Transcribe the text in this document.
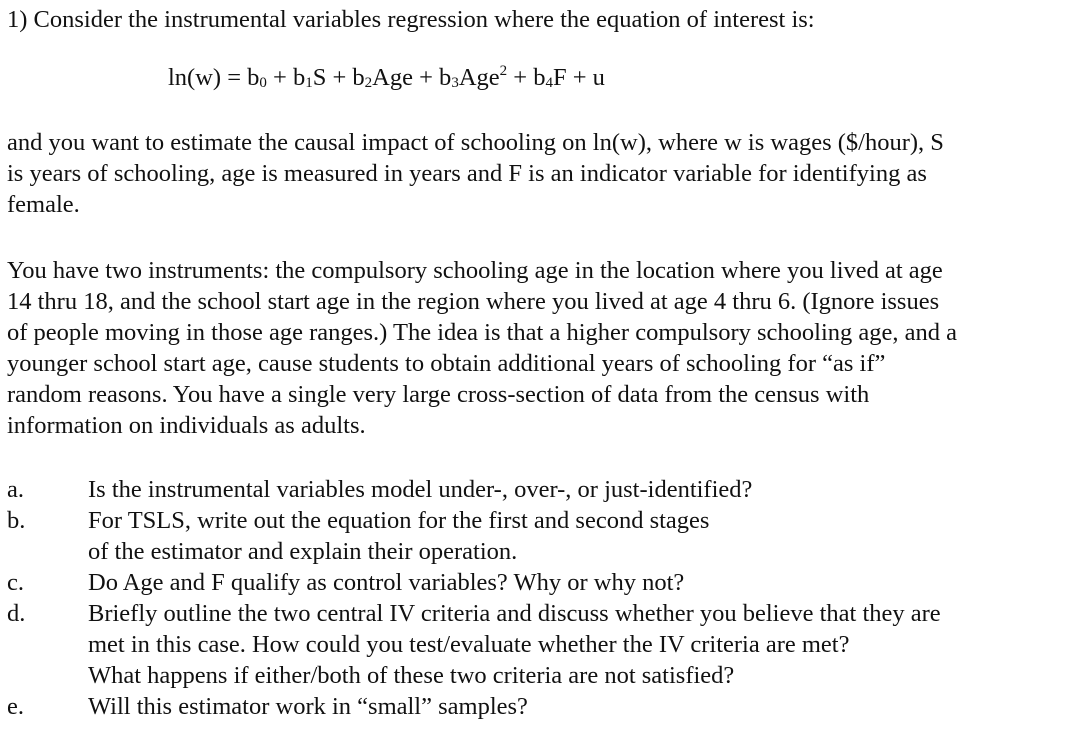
1) Consider the instrumental variables regression where the equation of interest is:
$\ln(w) = b_0 + b_1S + b_2Age + b_3Age^2 + b_4F + u$
and you want to estimate the causal impact of schooling on ln(w), where w is wages ($/hour), S
is years of schooling, age is measured in years and F is an indicator variable for identifying as
female.
You have two instruments: the compulsory schooling age in the location where you lived at age
14 thru 18, and the school start age in the region where you lived at age 4 thru 6. (Ignore issues
of people moving in those age ranges.) The idea is that a higher compulsory schooling age, and a
younger school start age, cause students to obtain additional years of schooling for “as if”
random reasons. You have a single very large cross-section of data from the census with
information on individuals as adults.
a.	Is the instrumental variables model under-, over-, or just-identified?
b.	For TSLS, write out the equation for the first and second stages
of the estimator and explain their operation.
c.	Do Age and F qualify as control variables? Why or why not?
d.	Briefly outline the two central IV criteria and discuss whether you believe that they are
met in this case. How could you test/evaluate whether the IV criteria are met?
What happens if either/both of these two criteria are not satisfied?
e.	Will this estimator work in “small” samples?
